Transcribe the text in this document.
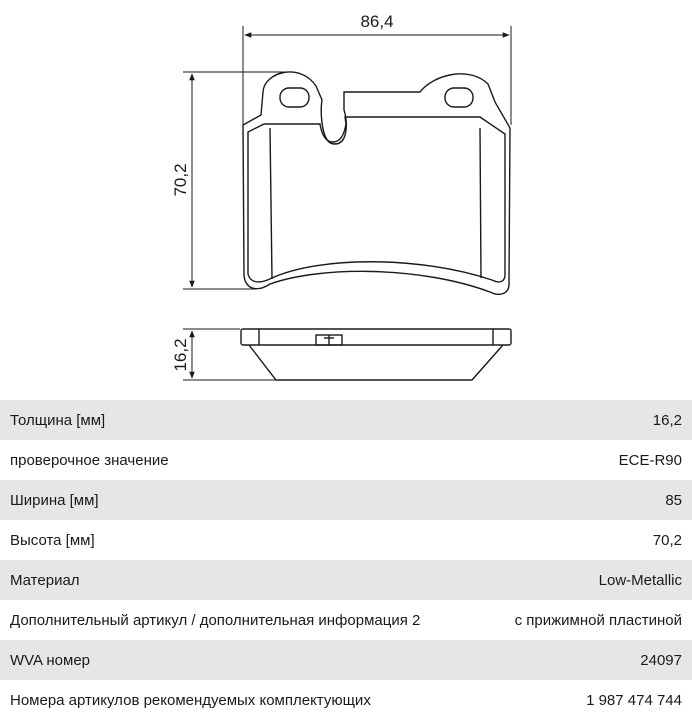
86,4
70,2
16,2
Толщина [мм]	16,2
проверочное значение	ECE-R90
Ширина [мм]	85
Высота [мм]	70,2
Материал	Low-Metallic
Дополнительный артикул / дополнительная информация 2	с прижимной пластиной
WVA номер	24097
Номера артикулов рекомендуемых комплектующих	1 987 474 744
